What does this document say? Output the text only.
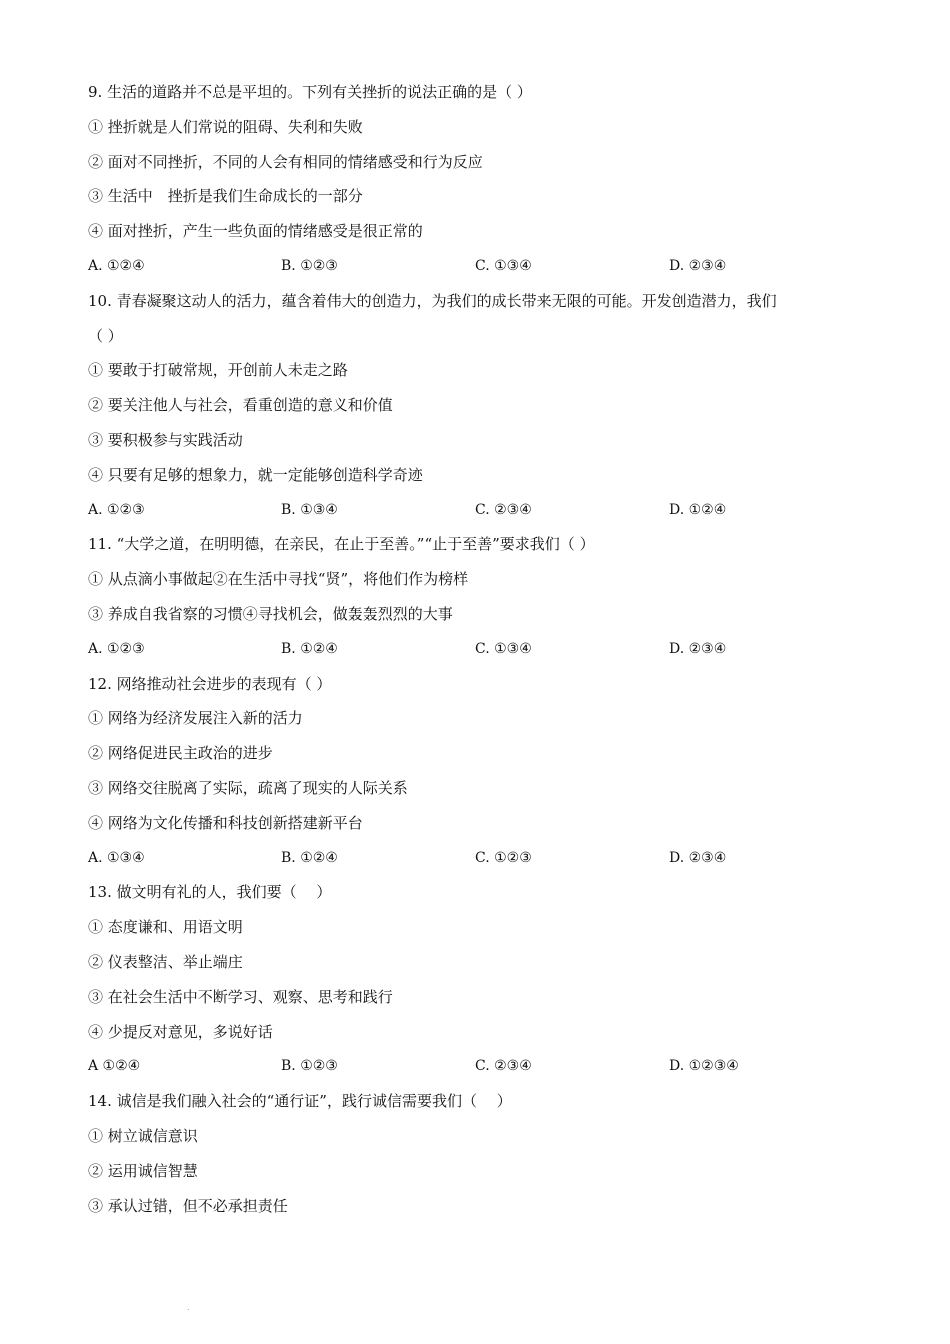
9. 生活的道路并不总是平坦的。下列有关挫折的说法正确的是（ ）
① 挫折就是人们常说的阻碍、失利和失败
② 面对不同挫折，不同的人会有相同的情绪感受和行为反应
③ 生活中　挫折是我们生命成长的一部分
④ 面对挫折，产生一些负面的情绪感受是很正常的
A. ①②④	B. ①②③	C. ①③④	D. ②③④
10. 青春凝聚这动人的活力，蕴含着伟大的创造力，为我们的成长带来无限的可能。开发创造潜力，我们
（ ）
① 要敢于打破常规，开创前人未走之路
② 要关注他人与社会，看重创造的意义和价值
③ 要积极参与实践活动
④ 只要有足够的想象力，就一定能够创造科学奇迹
A. ①②③	B. ①③④	C. ②③④	D. ①②④
11. “大学之道，在明明德，在亲民，在止于至善。”“止于至善”要求我们（ ）
① 从点滴小事做起②在生活中寻找“贤”，将他们作为榜样
③ 养成自我省察的习惯④寻找机会，做轰轰烈烈的大事
A. ①②③	B. ①②④	C. ①③④	D. ②③④
12. 网络推动社会进步的表现有（ ）
① 网络为经济发展注入新的活力
② 网络促进民主政治的进步
③ 网络交往脱离了实际，疏离了现实的人际关系
④ 网络为文化传播和科技创新搭建新平台
A. ①③④	B. ①②④	C. ①②③	D. ②③④
13. 做文明有礼的人，我们要（　 ）
① 态度谦和、用语文明
② 仪表整洁、举止端庄
③ 在社会生活中不断学习、观察、思考和践行
④ 少提反对意见，多说好话
A ①②④	B. ①②③	C. ②③④	D. ①②③④
14. 诚信是我们融入社会的“通行证”，践行诚信需要我们（　 ）
① 树立诚信意识
② 运用诚信智慧
③ 承认过错，但不必承担责任
.
